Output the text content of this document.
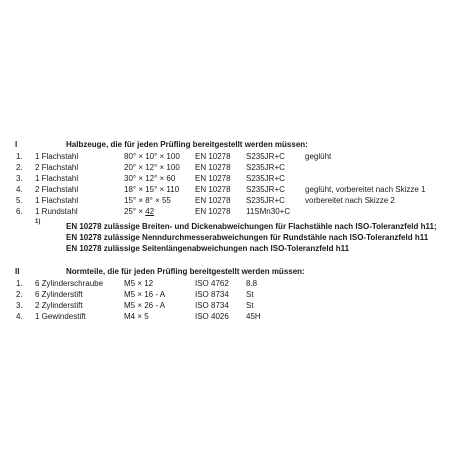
I	Halbzeuge, die für jeden Prüfling bereitgestellt werden müssen:
1. 1 Flachstahl	80° × 10° × 100 EN 10278 S235JR+C	geglüht
2. 2 Flachstahl	20° × 12° × 100 EN 10278 S235JR+C
3. 1 Flachstahl	30° × 12° × 60 EN 10278 S235JR+C
4. 2 Flachstahl	18° × 15° × 110 EN 10278 S235JR+C	geglüht, vorbereitet nach Skizze 1
5. 1 Flachstahl	15° × 8° × 55	EN 10278 S235JR+C	vorbereitet nach Skizze 2
6. 1 Rundstahl	25° × 42	EN 10278 11SMn30+C
1)	EN 10278 zulässige Breiten- und Dickenabweichungen für Flachstähle nach ISO-Toleranzfeld h11;
EN 10278 zulässige Nenndurchmesserabweichungen für Rundstähle nach ISO-Toleranzfeld h11
EN 10278 zulässige Seitenlängenabweichungen nach ISO-Toleranzfeld h11
II	Normteile, die für jeden Prüfling bereitgestellt werden müssen:
1. 6 Zylinderschraube	M5 × 12	ISO 4762 8.8
2. 6 Zylinderstift	M5 × 16 - A	ISO 8734 St
3. 2 Zylinderstift	M5 × 26 - A	ISO 8734 St
4. 1 Gewindestift	M4 × 5	ISO 4026 45H
